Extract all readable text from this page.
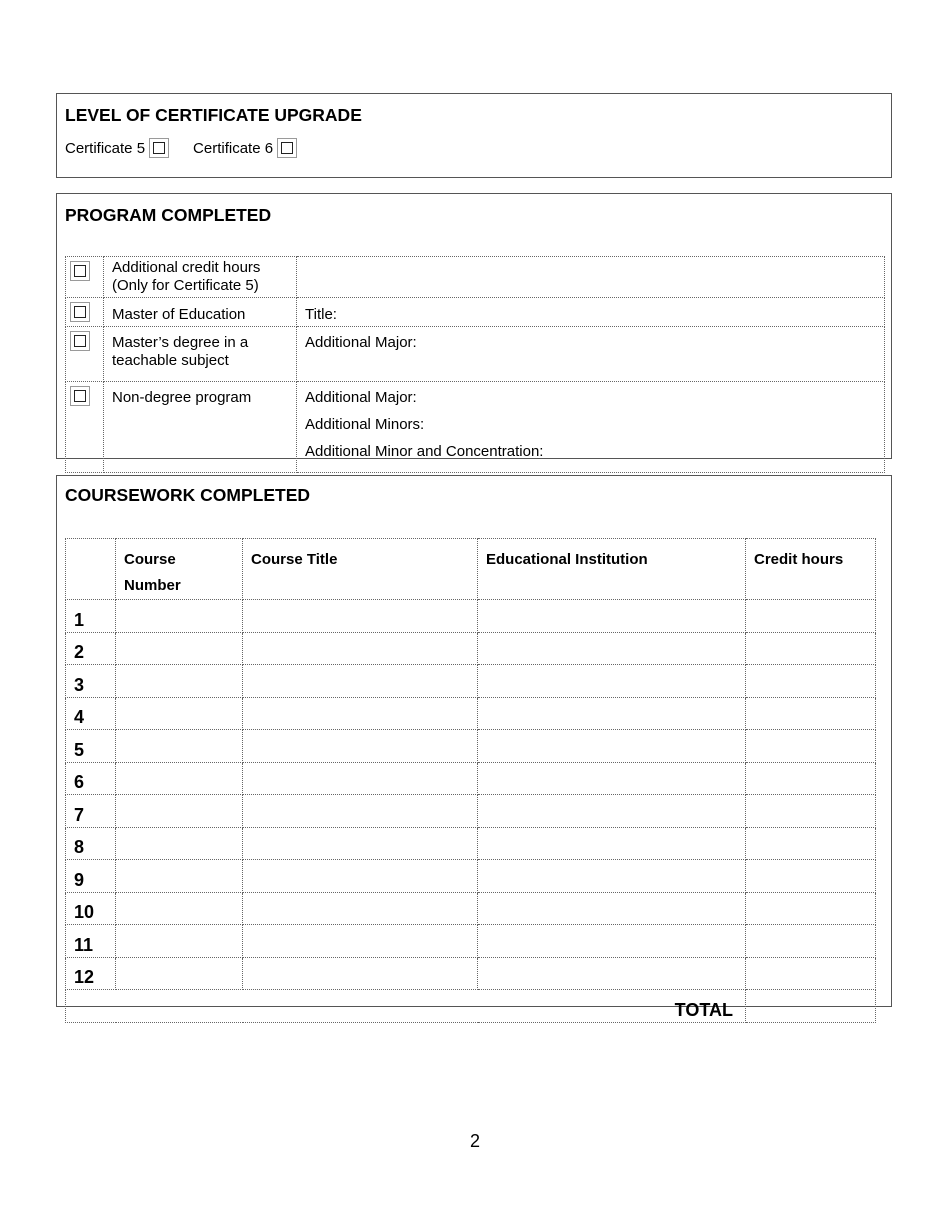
LEVEL OF CERTIFICATE UPGRADE
Certificate 5	Certificate 6
PROGRAM COMPLETED

	Additional credit hours
(Only for Certificate 5)	

	Master of Education	Title:

	Master’s degree in a
teachable subject	Additional Major:

	Non-degree program	Additional Major:
Additional Minors:
Additional Minor and Concentration:
COURSEWORK COMPLETED

	Course
Number	Course Title	Educational Institution	Credit hours
1				
2				
3				
4				
5				
6				
7				
8				
9				
10				
11				
12				
TOTAL				
2
